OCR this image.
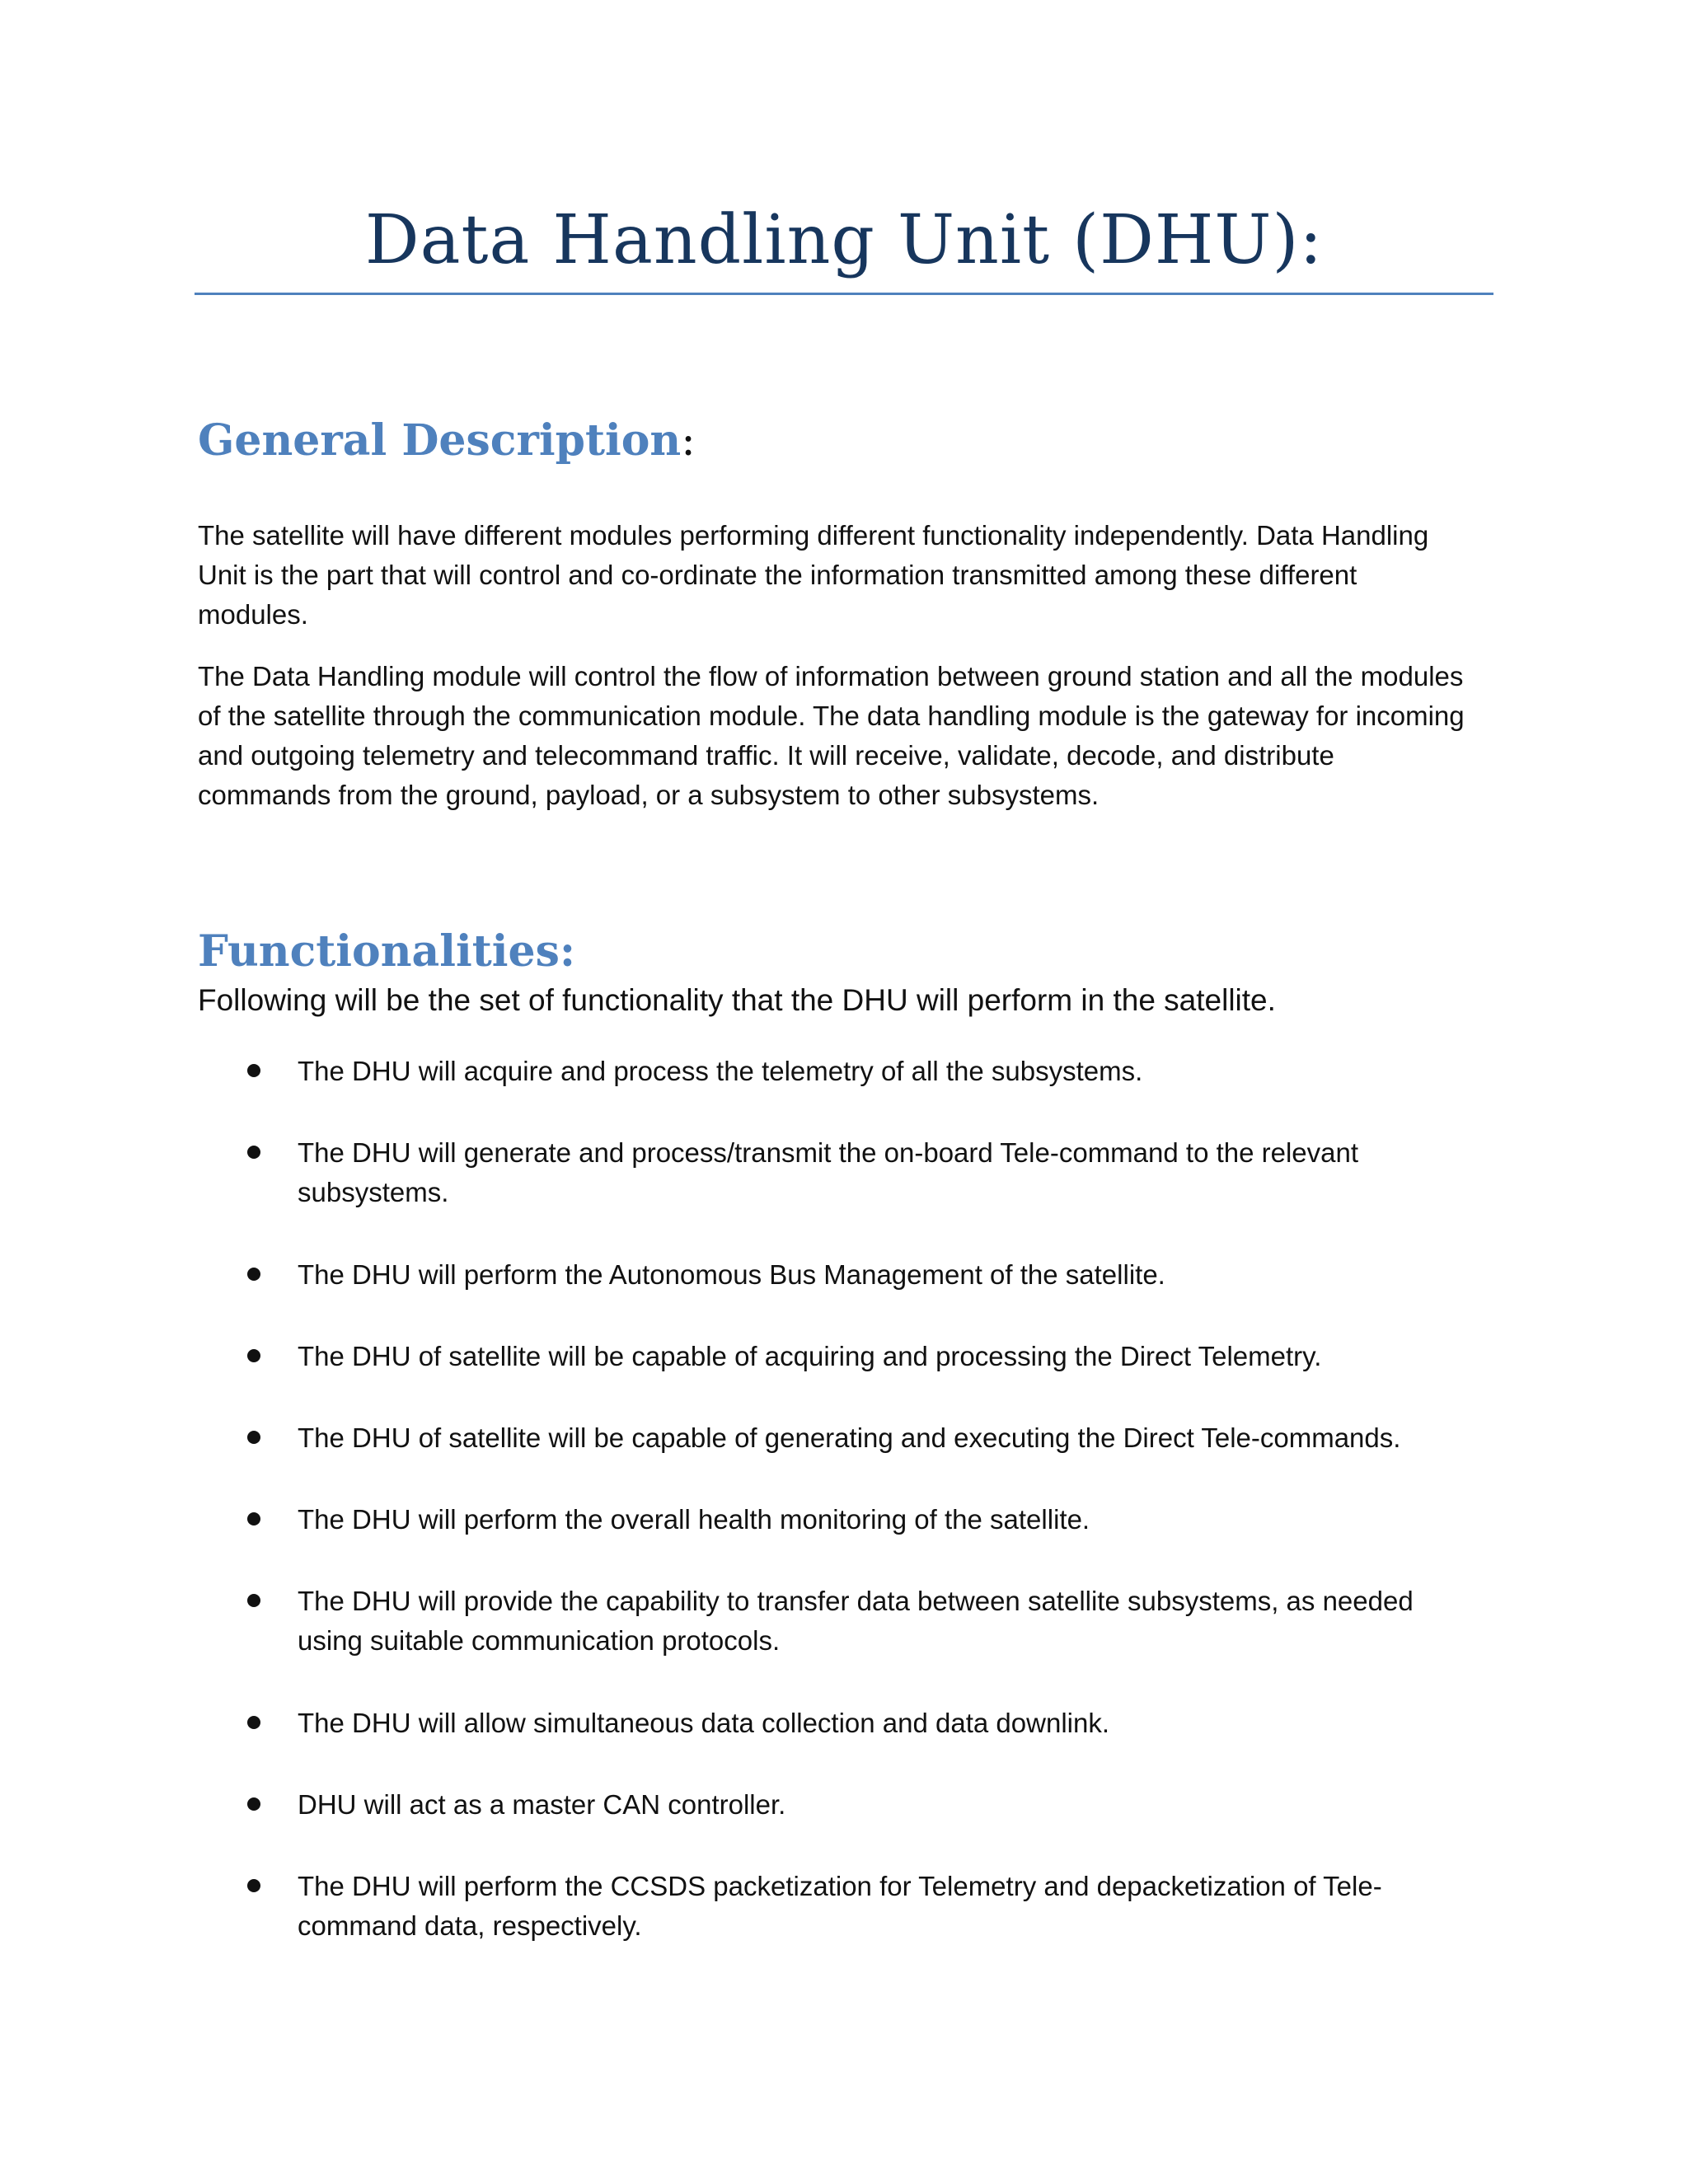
Data Handling Unit (DHU):
General Description:

The satellite will have different modules performing different functionality independently. Data Handling Unit is the part that will control and co-ordinate the information transmitted among these different modules.

The Data Handling module will control the flow of information between ground station and all the modules of the satellite through the communication module. The data handling module is the gateway for incoming and outgoing telemetry and telecommand traffic. It will receive, validate, decode, and distribute commands from the ground, payload, or a subsystem to other subsystems.

Functionalities:

Following will be the set of functionality that the DHU will perform in the satellite.

The DHU will acquire and process the telemetry of all the subsystems.
The DHU will generate and process/transmit the on-board Tele-command to the relevant subsystems.
The DHU will perform the Autonomous Bus Management of the satellite.
The DHU of satellite will be capable of acquiring and processing the Direct Telemetry.
The DHU of satellite will be capable of generating and executing the Direct Tele-commands.
The DHU will perform the overall health monitoring of the satellite.
The DHU will provide the capability to transfer data between satellite subsystems, as needed using suitable communication protocols.
The DHU will allow simultaneous data collection and data downlink.
DHU will act as a master CAN controller.
The DHU will perform the CCSDS packetization for Telemetry and depacketization of Tele-command data, respectively.
